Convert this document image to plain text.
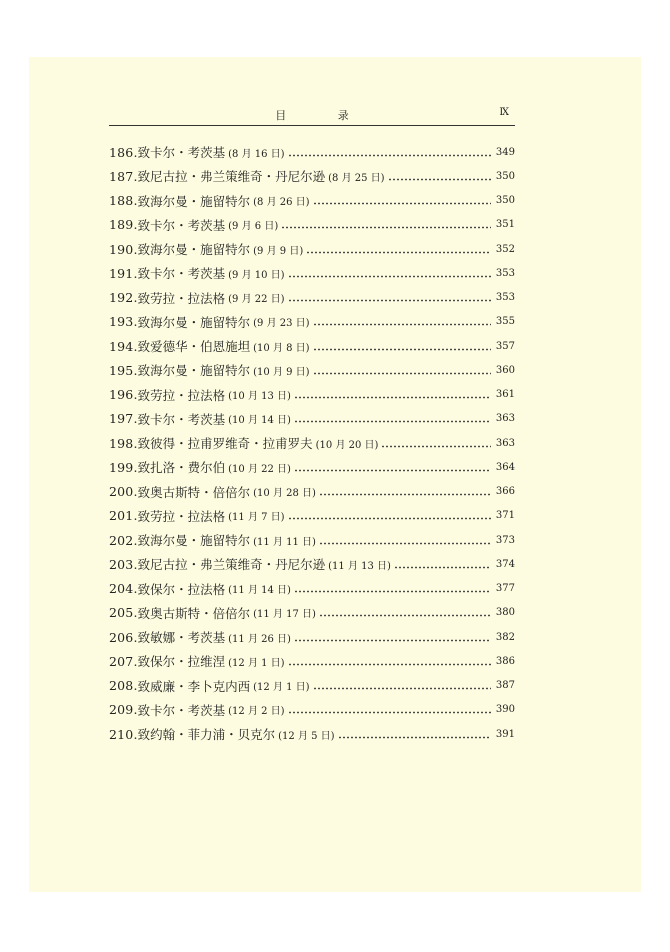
目 录	Ⅸ
186. 致卡尔・考茨基 (8 月 16 日)	349
187. 致尼古拉・弗兰策维奇・丹尼尔逊 (8 月 25 日)	350
188. 致海尔曼・施留特尔 (8 月 26 日)	350
189. 致卡尔・考茨基 (9 月 6 日)	351
190. 致海尔曼・施留特尔 (9 月 9 日)	352
191. 致卡尔・考茨基 (9 月 10 日)	353
192. 致劳拉・拉法格 (9 月 22 日)	353
193. 致海尔曼・施留特尔 (9 月 23 日)	355
194. 致爱德华・伯恩施坦 (10 月 8 日)	357
195. 致海尔曼・施留特尔 (10 月 9 日)	360
196. 致劳拉・拉法格 (10 月 13 日)	361
197. 致卡尔・考茨基 (10 月 14 日)	363
198. 致彼得・拉甫罗维奇・拉甫罗夫 (10 月 20 日)	363
199. 致扎洛・费尔伯 (10 月 22 日)	364
200. 致奥古斯特・倍倍尔 (10 月 28 日)	366
201. 致劳拉・拉法格 (11 月 7 日)	371
202. 致海尔曼・施留特尔 (11 月 11 日)	373
203. 致尼古拉・弗兰策维奇・丹尼尔逊 (11 月 13 日)	374
204. 致保尔・拉法格 (11 月 14 日)	377
205. 致奥古斯特・倍倍尔 (11 月 17 日)	380
206. 致敏娜・考茨基 (11 月 26 日)	382
207. 致保尔・拉维涅 (12 月 1 日)	386
208. 致威廉・李卜克内西 (12 月 1 日)	387
209. 致卡尔・考茨基 (12 月 2 日)	390
210. 致约翰・菲力浦・贝克尔 (12 月 5 日)	391
